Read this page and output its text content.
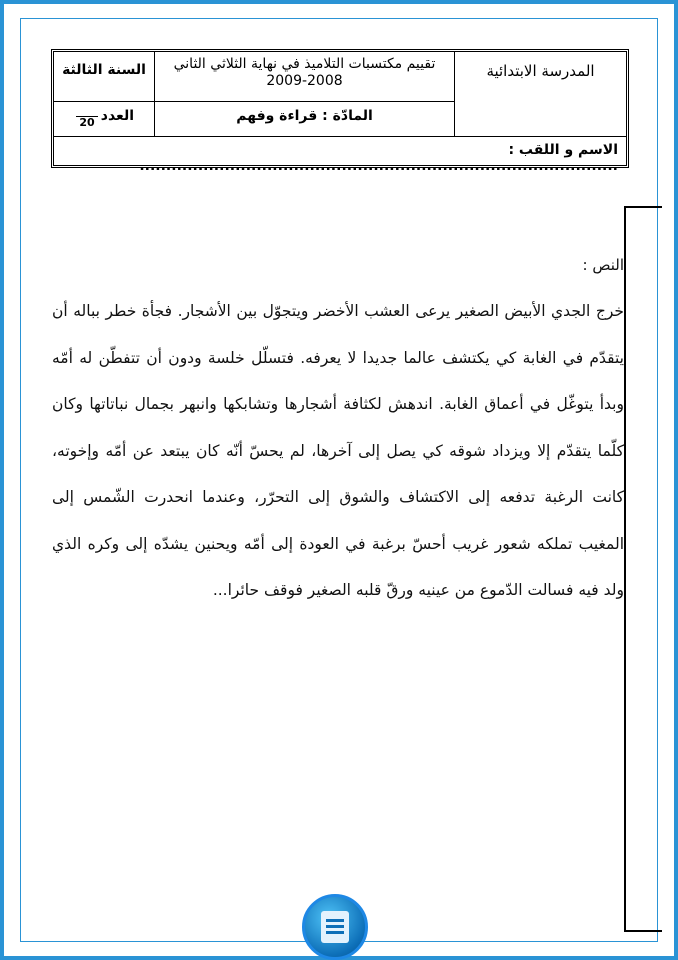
المدرسة الابتدائية
تقييم مكتسبات التلاميذ في نهاية الثلاثي الثاني
2009-2008
السنة الثالثة
المادّة : قراءة وفهم
العدد
20
الاسم و اللقب : ..........................................................................................
النص :

خرج الجدي الأبيض الصغير يرعى العشب الأخضر ويتجوّل بين الأشجار. فجأة خطر بباله أن يتقدّم في الغابة كي يكتشف عالما جديدا لا يعرفه. فتسلّل خلسة ودون أن تتفطّن له أمّه وبدأ يتوغّل في أعماق الغابة. اندهش لكثافة أشجارها وتشابكها وانبهر بجمال نباتاتها وكان كلّما يتقدّم إلا ويزداد شوقه كي يصل إلى آخرها، لم يحسّ أنّه كان يبتعد عن أمّه وإخوته، كانت الرغبة تدفعه إلى الاكتشاف والشوق إلى التحرّر، وعندما انحدرت الشّمس إلى المغيب تملكه شعور غريب أحسّ برغبة في العودة إلى أمّه ويحنين يشدّه إلى وكره الذي ولد فيه فسالت الدّموع من عينيه ورقّ قلبه الصغير فوقف حائرا...
